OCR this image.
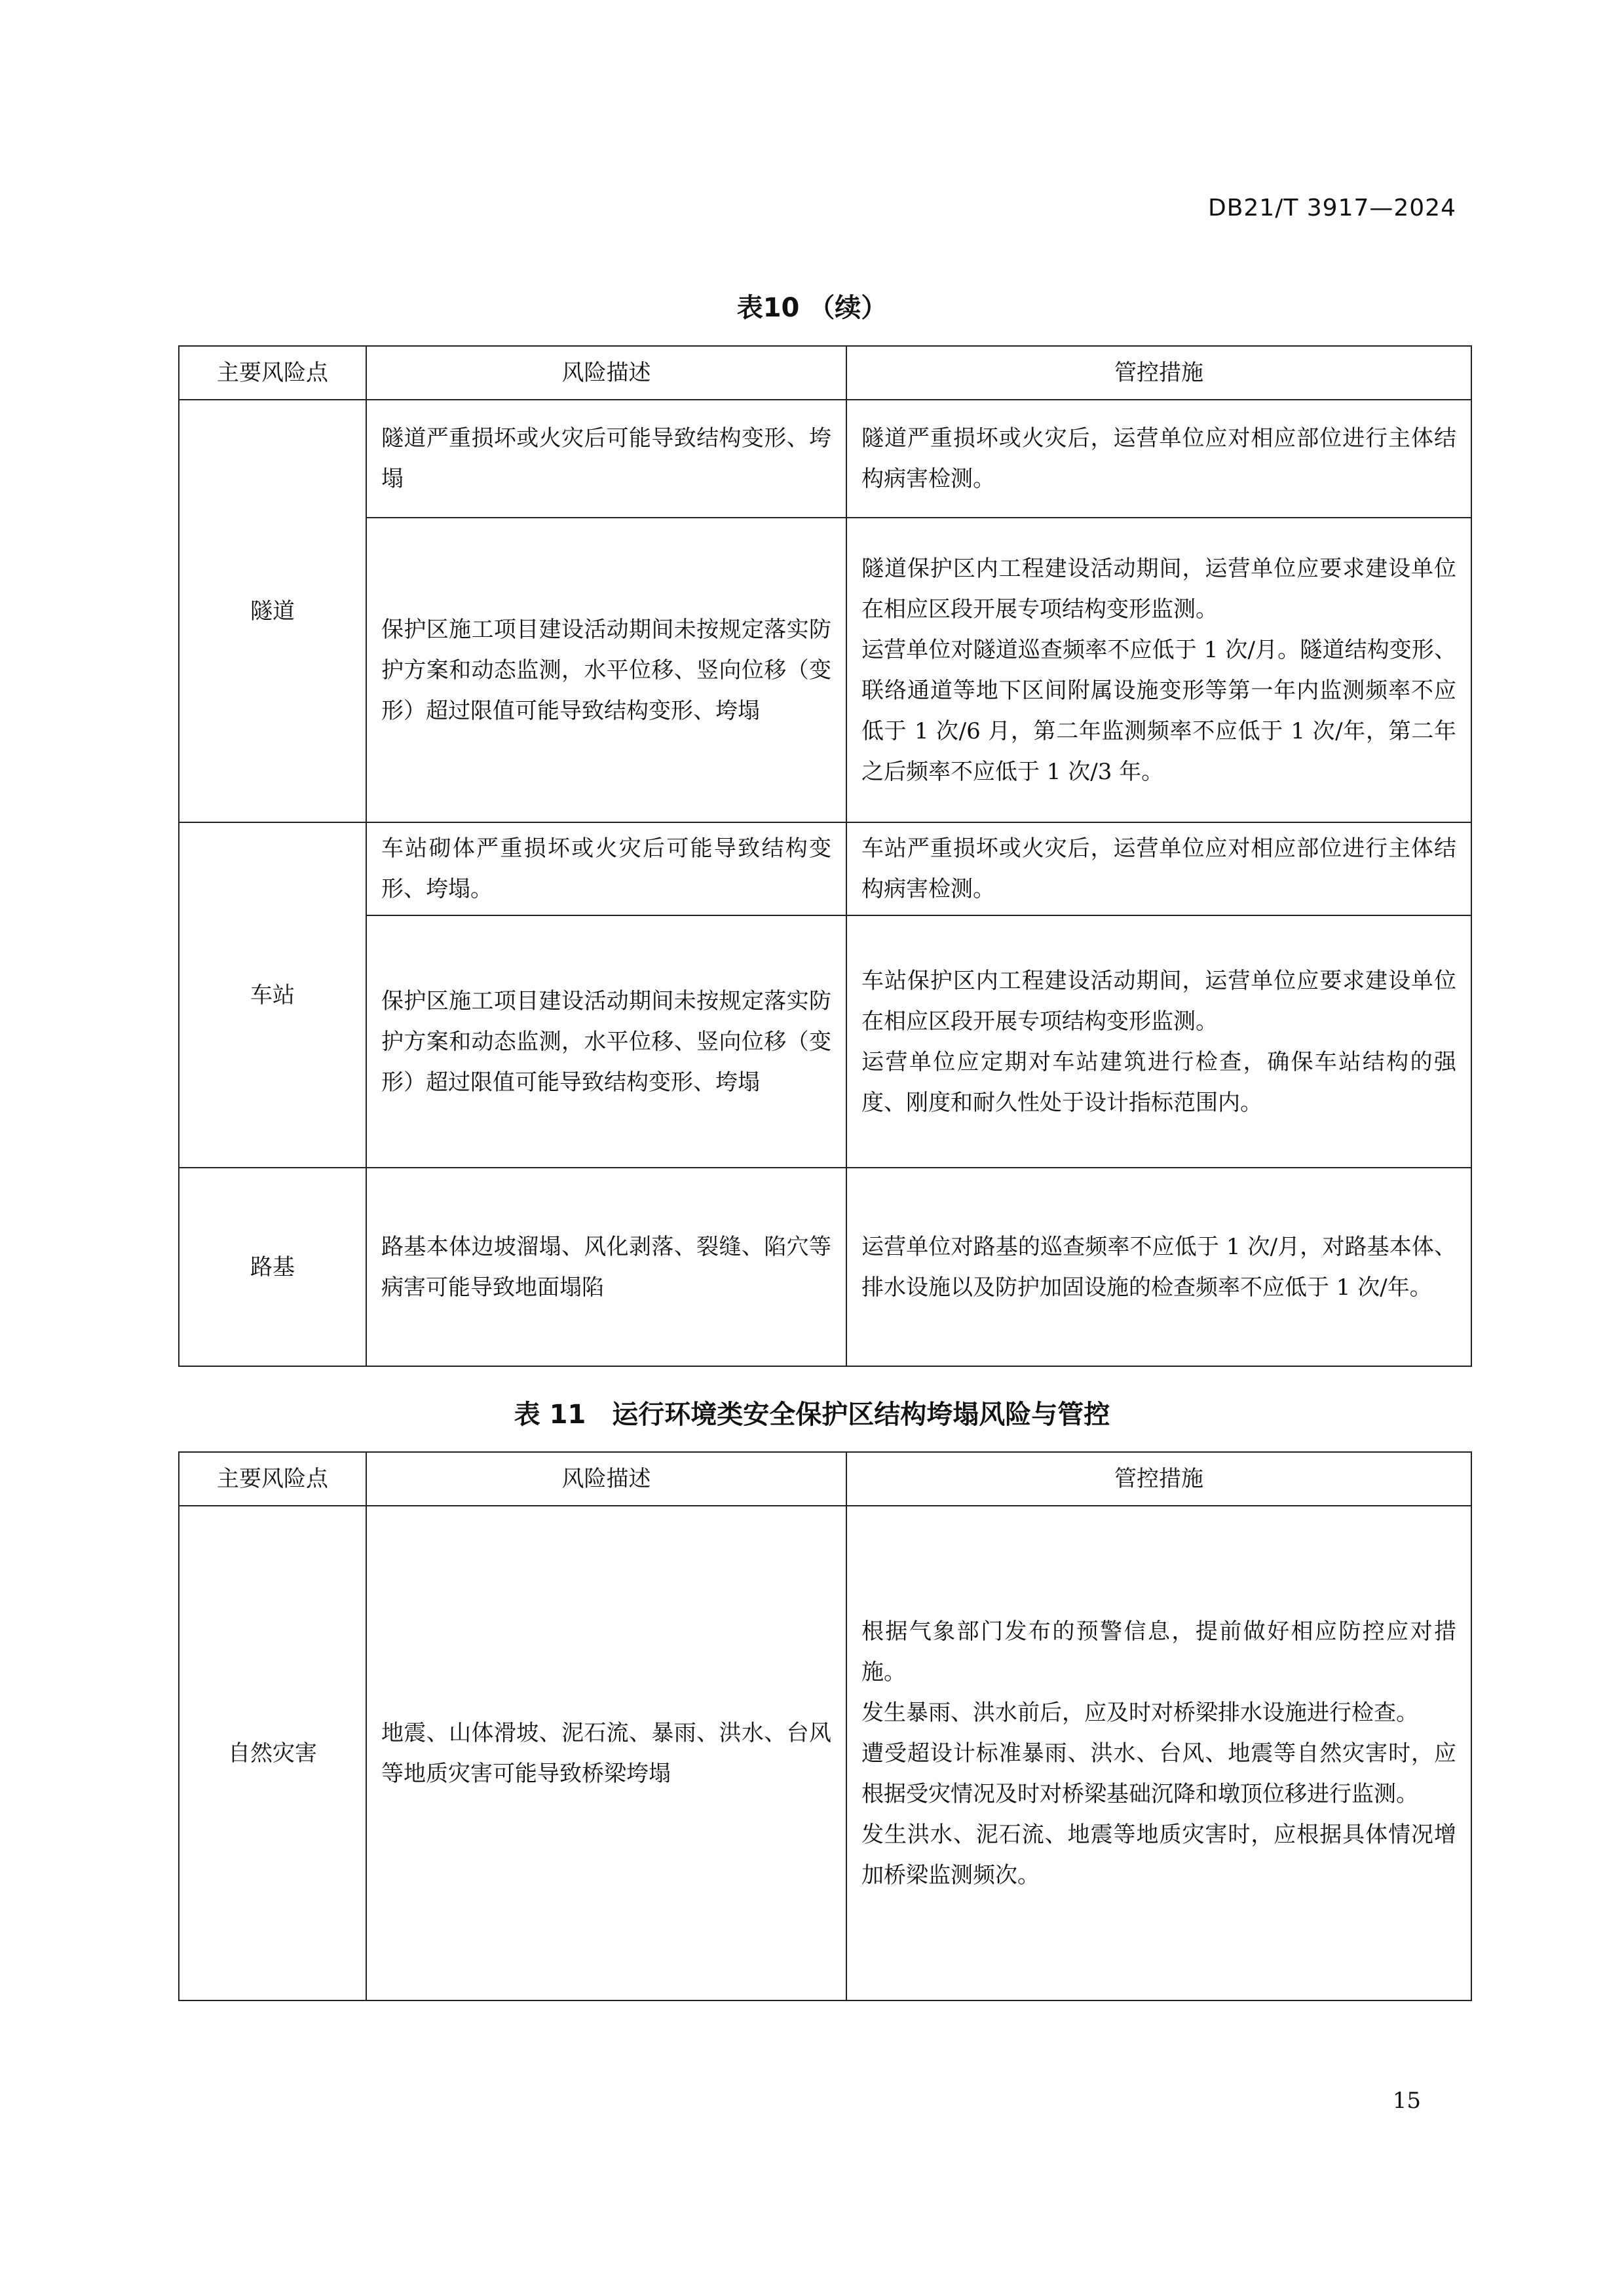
DB21/T 3917—2024
表10 （续）
主要风险点	风险描述	管控措施
隧道	隧道严重损坏或火灾后可能导致结构变形、垮塌	隧道严重损坏或火灾后，运营单位应对相应部位进行主体结构病害检测。

	保护区施工项目建设活动期间未按规定落实防护方案和动态监测，水平位移、竖向位移（变形）超过限值可能导致结构变形、垮塌	隧道保护区内工程建设活动期间，运营单位应要求建设单位在相应区段开展专项结构变形监测。
运营单位对隧道巡查频率不应低于 1 次/月。隧道结构变形、联络通道等地下区间附属设施变形等第一年内监测频率不应低于 1 次/6 月，第二年监测频率不应低于 1 次/年，第二年之后频率不应低于 1 次/3 年。

车站	车站砌体严重损坏或火灾后可能导致结构变形、垮塌。	车站严重损坏或火灾后，运营单位应对相应部位进行主体结构病害检测。

	保护区施工项目建设活动期间未按规定落实防护方案和动态监测，水平位移、竖向位移（变形）超过限值可能导致结构变形、垮塌	车站保护区内工程建设活动期间，运营单位应要求建设单位在相应区段开展专项结构变形监测。
运营单位应定期对车站建筑进行检查，确保车站结构的强度、刚度和耐久性处于设计指标范围内。

路基	路基本体边坡溜塌、风化剥落、裂缝、陷穴等病害可能导致地面塌陷	运营单位对路基的巡查频率不应低于 1 次/月，对路基本体、排水设施以及防护加固设施的检查频率不应低于 1 次/年。
表 11　运行环境类安全保护区结构垮塌风险与管控
主要风险点	风险描述	管控措施
自然灾害	地震、山体滑坡、泥石流、暴雨、洪水、台风等地质灾害可能导致桥梁垮塌	根据气象部门发布的预警信息，提前做好相应防控应对措施。
发生暴雨、洪水前后，应及时对桥梁排水设施进行检查。
遭受超设计标准暴雨、洪水、台风、地震等自然灾害时，应根据受灾情况及时对桥梁基础沉降和墩顶位移进行监测。
发生洪水、泥石流、地震等地质灾害时，应根据具体情况增加桥梁监测频次。
15
